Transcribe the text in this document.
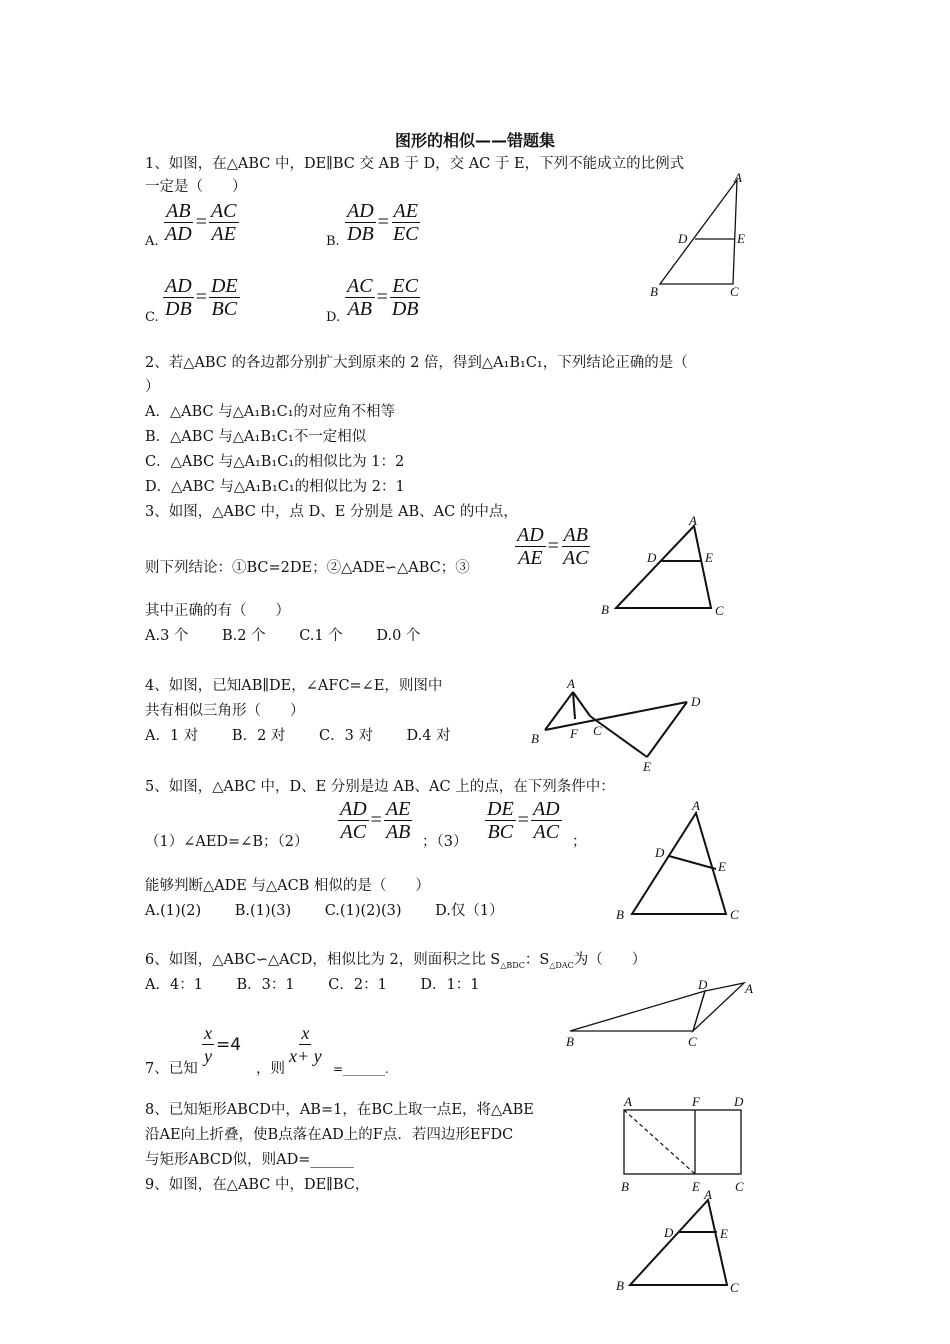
图形的相似——错题集
1、如图，在△ABC 中，DE∥BC 交 AB 于 D，交 AC 于 E，下列不能成立的比例式
一定是（　　）
A. $\frac{AB}{AD} = \frac{AC}{AE}$	B. $\frac{AD}{DB} = \frac{AE}{EC}$
C. $\frac{AD}{DB} = \frac{DE}{BC}$	D. $\frac{AC}{AB} = \frac{EC}{DB}$
A
B	C
D	E
2、若△ABC 的各边都分别扩大到原来的 2 倍，得到△A₁B₁C₁，下列结论正确的是（
）
A．△ABC 与△A₁B₁C₁的对应角不相等
B．△ABC 与△A₁B₁C₁不一定相似
C．△ABC 与△A₁B₁C₁的相似比为 1：2
D．△ABC 与△A₁B₁C₁的相似比为 2：1
3、如图，△ABC 中，点 D、E 分别是 AB、AC 的中点，
则下列结论：①BC=2DE；②△ADE∽△ABC；③ $\frac{AD}{AE} = \frac{AB}{AC}$
其中正确的有（　　）
A.3 个　　 B.2 个　　 C.1 个　　 D.0 个
A
B	C
D	E
4、如图，已知AB∥DE，∠AFC=∠E，则图中
共有相似三角形（　　）
A．1 对　　 B．2 对　　 C．3 对　　 D.4 对
A
B F C
D
E
5、如图，△ABC 中，D、E 分别是边 AB、AC 上的点，在下列条件中：
（1）∠AED=∠B；$(2) \frac{AD}{AC} = \frac{AE}{AB}$ ；$(3) \frac{DE}{BC} = \frac{AD}{AC}$ ；
能够判断△ADE 与△ACB 相似的是（　　）
A.(1)(2)　　 B.(1)(3)　　 C.(1)(2)(3)　　 D.仅（1）
A
B	C
D
E
6、如图，△ABC∽△ACD，相似比为 2，则面积之比 $S_{\triangle BDC}$：$S_{\triangle DAC}$为（　　）
A．4：1　　 B．3：1　　 C．2：1　　 D．1：1	D	A
B	C
7、已知
$\frac{x}{y} =4$
，则
$\frac{x}{x+ y}$
=_______.
8、已知矩形ABCD中，AB=1，在BC上取一点E，将△ABE
沿AE向上折叠，使B点落在AD上的F点．若四边形EFDC
与矩形ABCD似，则AD=______
A	F	D
B	E	C
9、如图，在△ABC 中，DE∥BC，
A
B	C
D	E
